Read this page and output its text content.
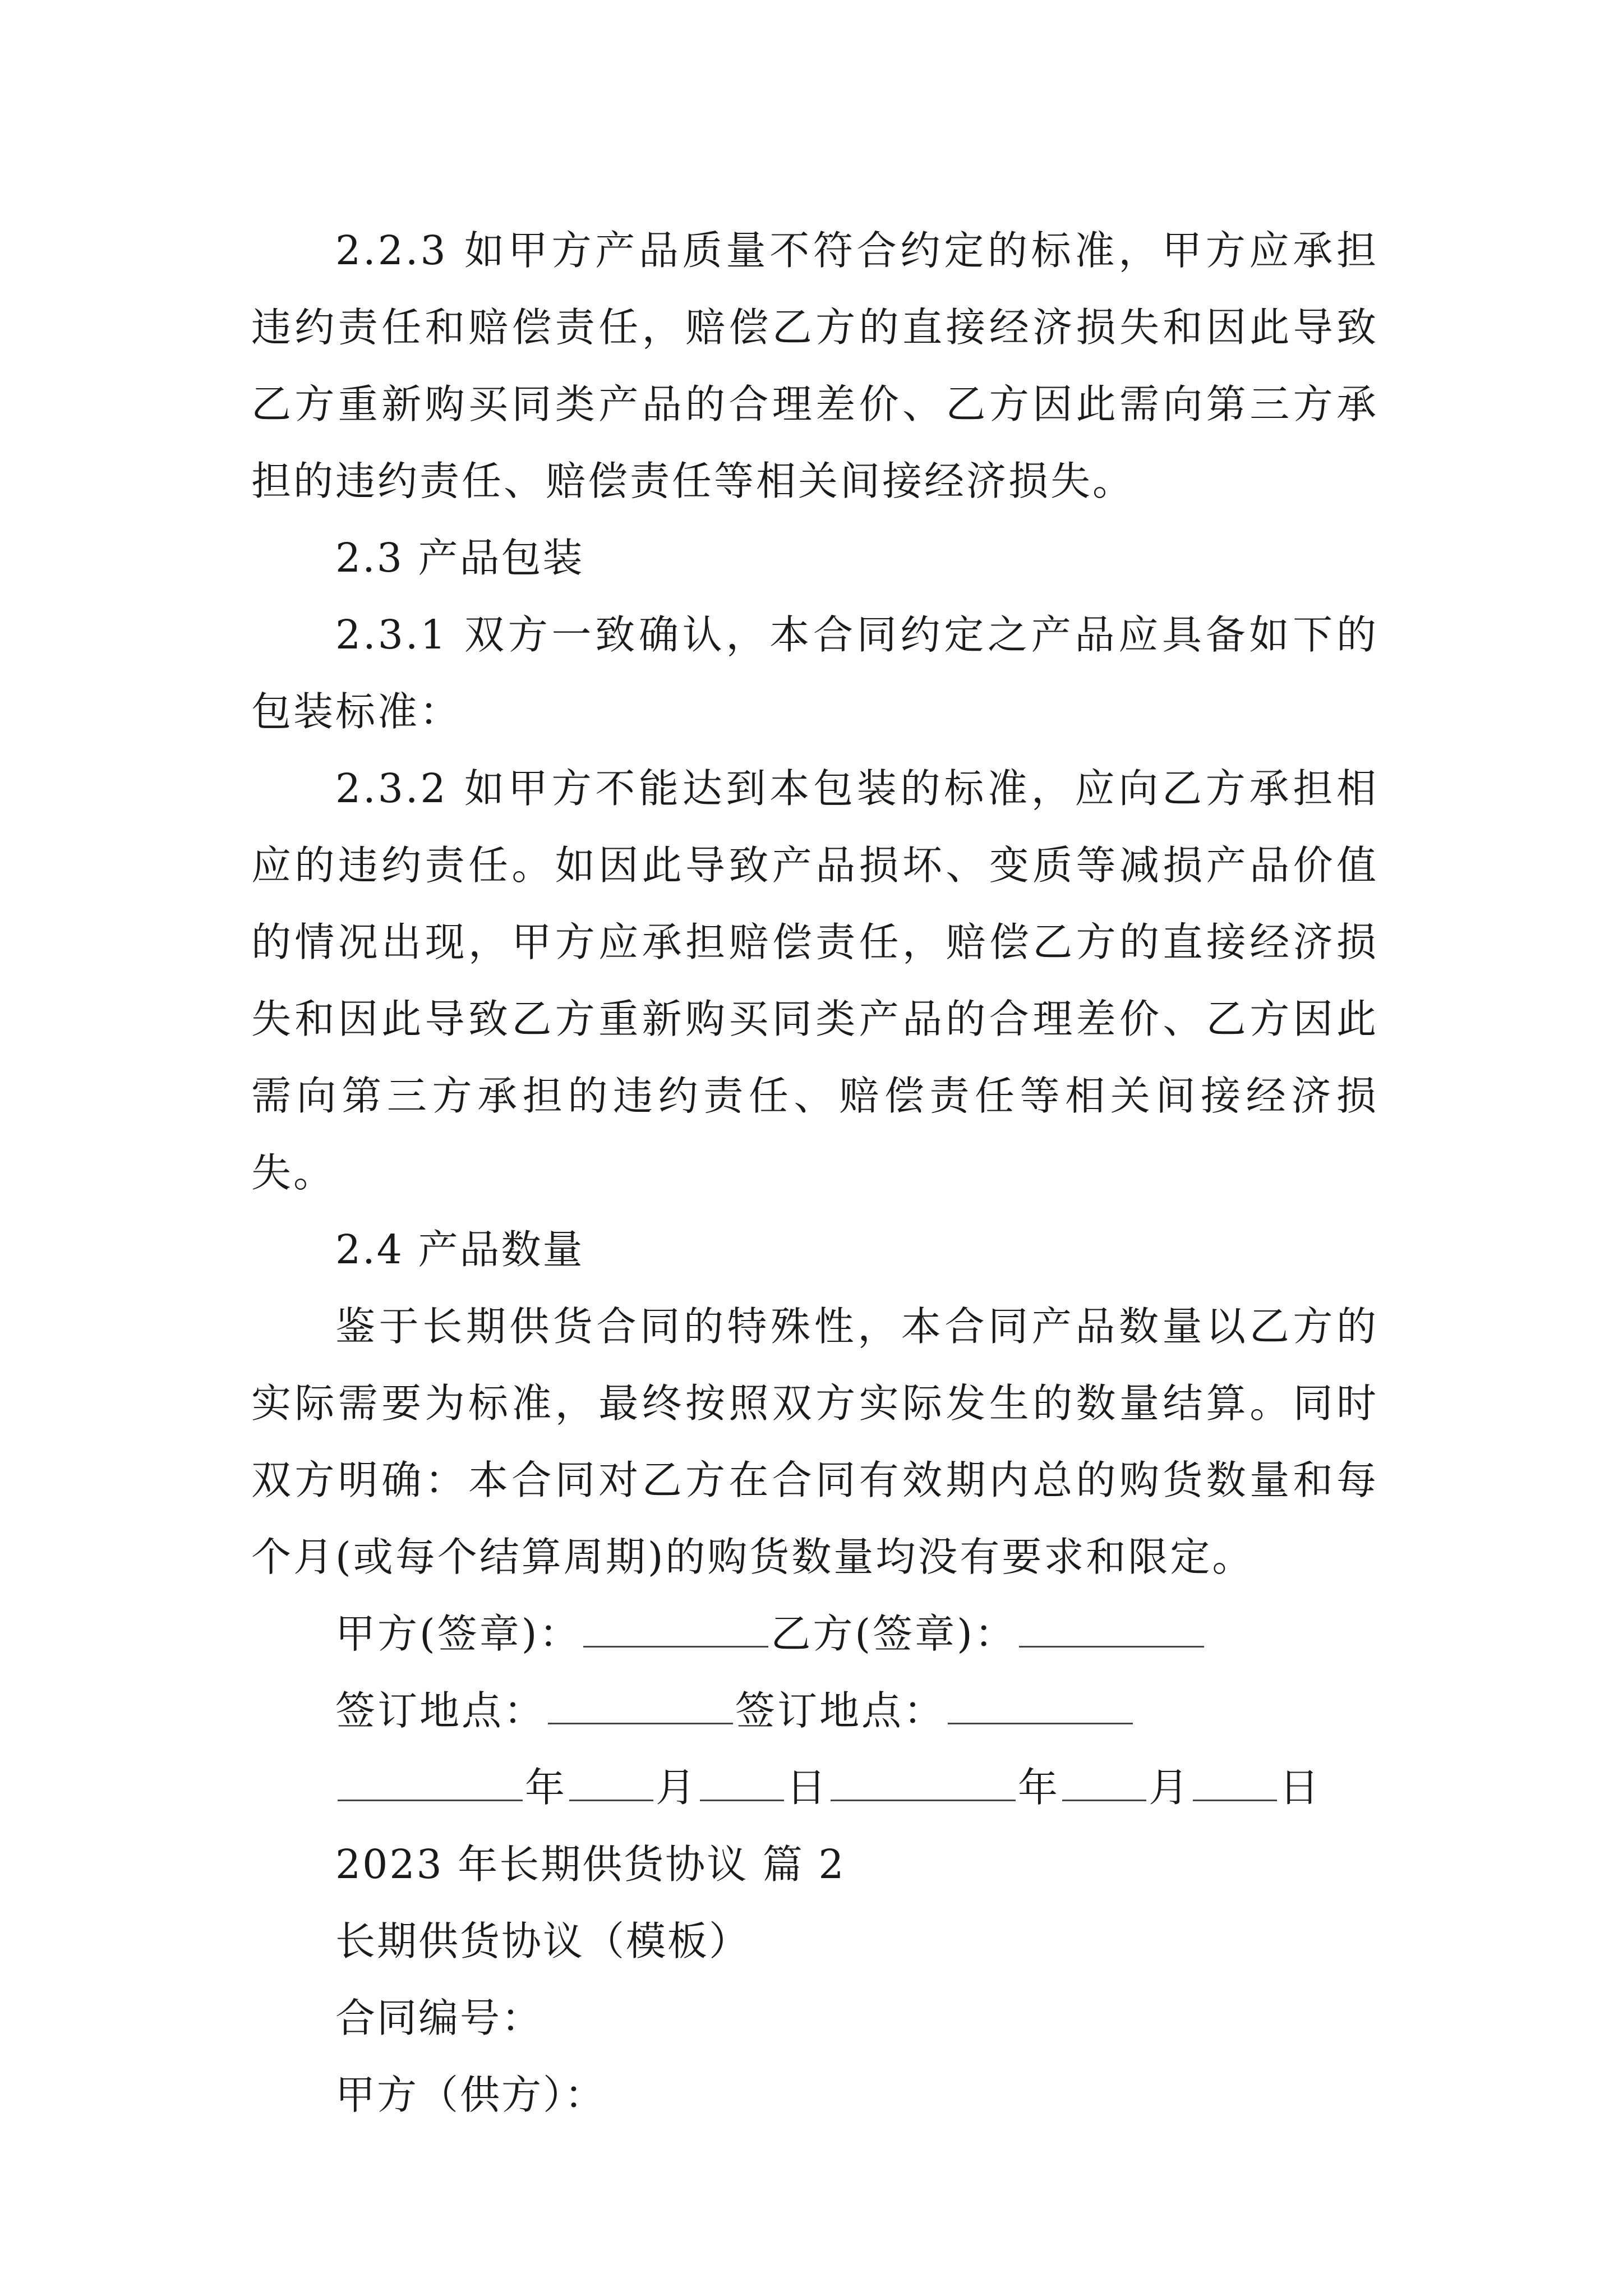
2.2.3 如甲方产品质量不符合约定的标准，甲方应承担违约责任和赔偿责任，赔偿乙方的直接经济损失和因此导致乙方重新购买同类产品的合理差价、乙方因此需向第三方承担的违约责任、赔偿责任等相关间接经济损失。

2.3 产品包装

2.3.1 双方一致确认，本合同约定之产品应具备如下的包装标准：

2.3.2 如甲方不能达到本包装的标准，应向乙方承担相应的违约责任。如因此导致产品损坏、变质等减损产品价值的情况出现，甲方应承担赔偿责任，赔偿乙方的直接经济损失和因此导致乙方重新购买同类产品的合理差价、乙方因此需向第三方承担的违约责任、赔偿责任等相关间接经济损失。

2.4 产品数量

鉴于长期供货合同的特殊性，本合同产品数量以乙方的实际需要为标准，最终按照双方实际发生的数量结算。同时双方明确：本合同对乙方在合同有效期内总的购货数量和每个月(或每个结算周期)的购货数量均没有要求和限定。

甲方(签章)：	乙方(签章)：

签订地点：	签订地点：

年 月 日	年 月 日

2023 年长期供货协议 篇 2

长期供货协议（模板）

合同编号：

甲方（供方）：
